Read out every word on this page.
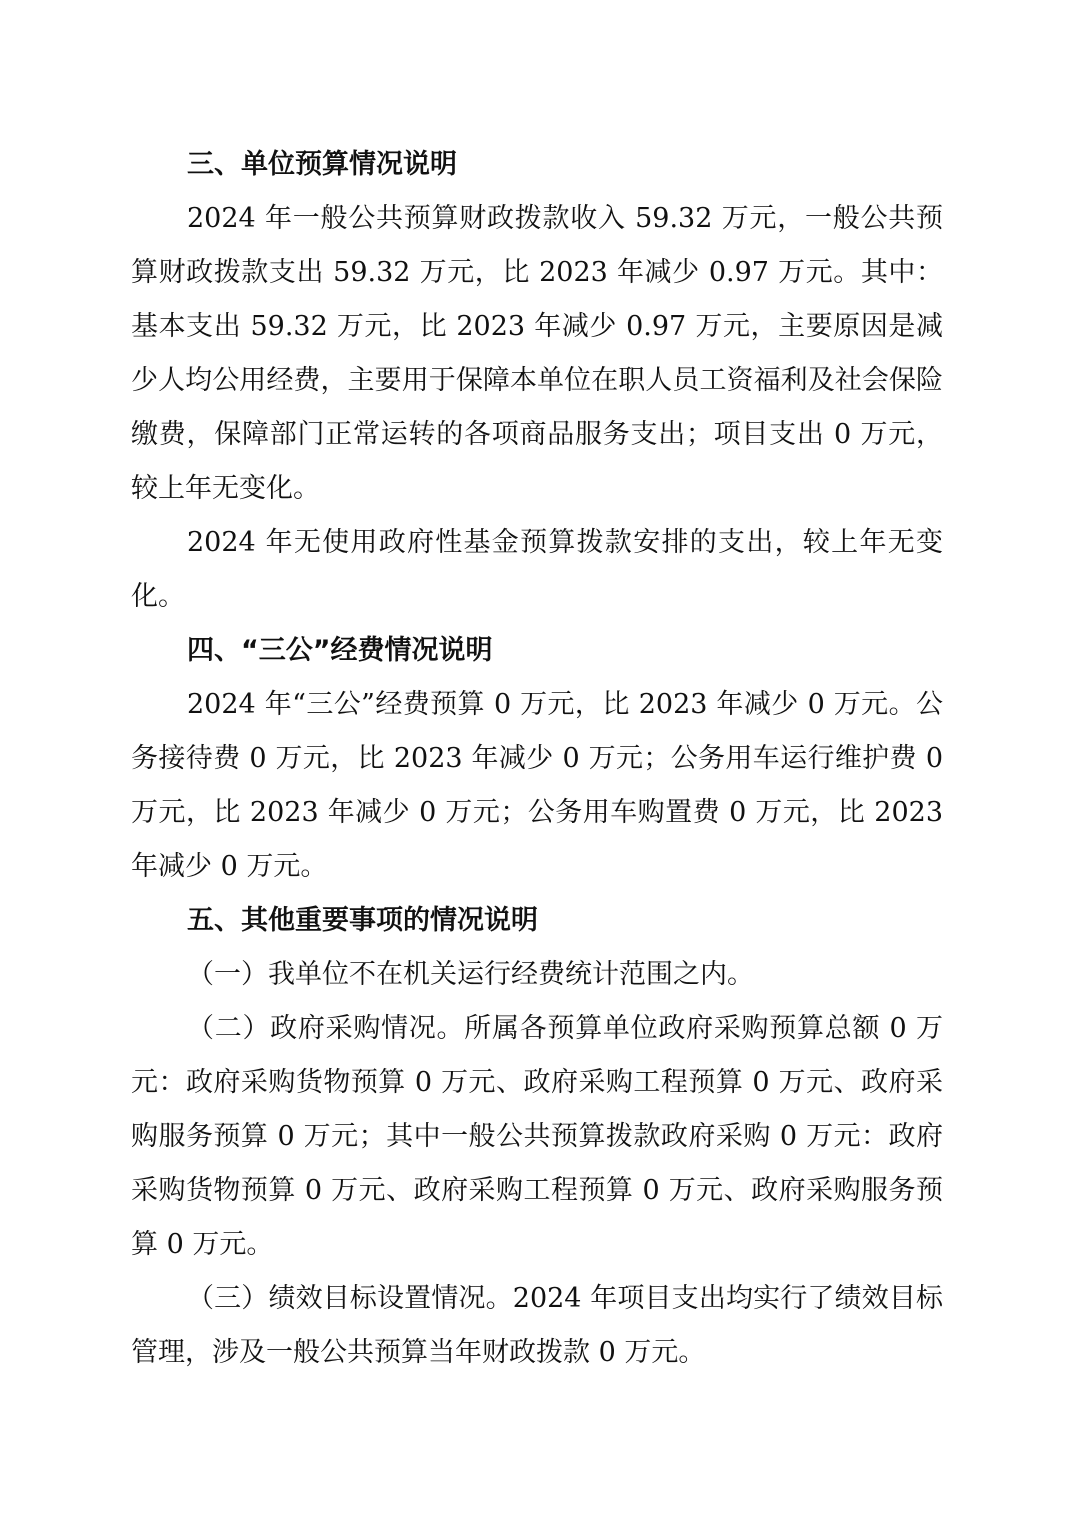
三、单位预算情况说明

2024 年一般公共预算财政拨款收入 59.32 万元，一般公共预算财政拨款支出 59.32 万元，比 2023 年减少 0.97 万元。其中：基本支出 59.32 万元，比 2023 年减少 0.97 万元，主要原因是减少人均公用经费，主要用于保障本单位在职人员工资福利及社会保险缴费，保障部门正常运转的各项商品服务支出；项目支出 0 万元，较上年无变化。

2024 年无使用政府性基金预算拨款安排的支出，较上年无变化。

四、“三公”经费情况说明

2024 年“三公”经费预算 0 万元，比 2023 年减少 0 万元。公务接待费 0 万元，比 2023 年减少 0 万元；公务用车运行维护费 0 万元，比 2023 年减少 0 万元；公务用车购置费 0 万元，比 2023 年减少 0 万元。

五、其他重要事项的情况说明

（一）我单位不在机关运行经费统计范围之内。

（二）政府采购情况。所属各预算单位政府采购预算总额 0 万元：政府采购货物预算 0 万元、政府采购工程预算 0 万元、政府采购服务预算 0 万元；其中一般公共预算拨款政府采购 0 万元：政府采购货物预算 0 万元、政府采购工程预算 0 万元、政府采购服务预算 0 万元。

（三）绩效目标设置情况。2024 年项目支出均实行了绩效目标管理，涉及一般公共预算当年财政拨款 0 万元。
